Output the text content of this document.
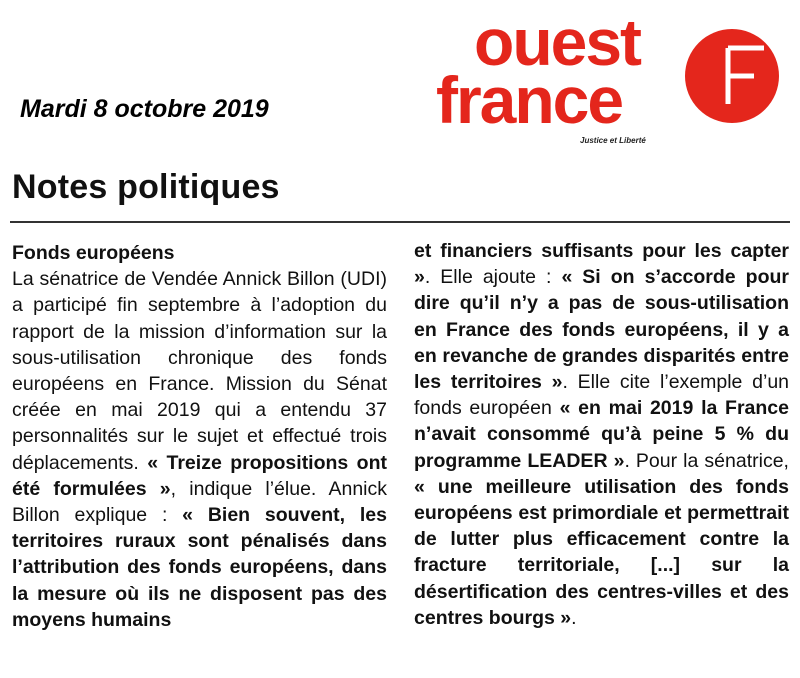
Mardi 8 octobre 2019
ouest
france
Justice et Liberté
Notes politiques
Fonds européens
La sénatrice de Vendée Annick Billon (UDI) a participé fin septembre à l’adoption du rapport de la mission d’information sur la sous-utilisation chronique des fonds européens en France. Mission du Sénat créée en mai 2019 qui a entendu 37 personnalités sur le sujet et effectué trois déplacements. « Treize propositions ont été formulées », indique l’élue. Annick Billon explique : « Bien souvent, les territoires ruraux sont pénalisés dans l’attribution des fonds européens, dans la mesure où ils ne disposent pas des moyens humains
et financiers suffisants pour les capter ». Elle ajoute : « Si on s’accorde pour dire qu’il n’y a pas de sous-utilisation en France des fonds européens, il y a en revanche de grandes disparités entre les territoires ». Elle cite l’exemple d’un fonds européen « en mai 2019 la France n’avait consommé qu’à peine 5 % du programme LEADER ». Pour la sénatrice, « une meilleure utilisation des fonds européens est primordiale et permettrait de lutter plus efficacement contre la fracture territoriale, [...] sur la désertification des centres-villes et des centres bourgs ».
